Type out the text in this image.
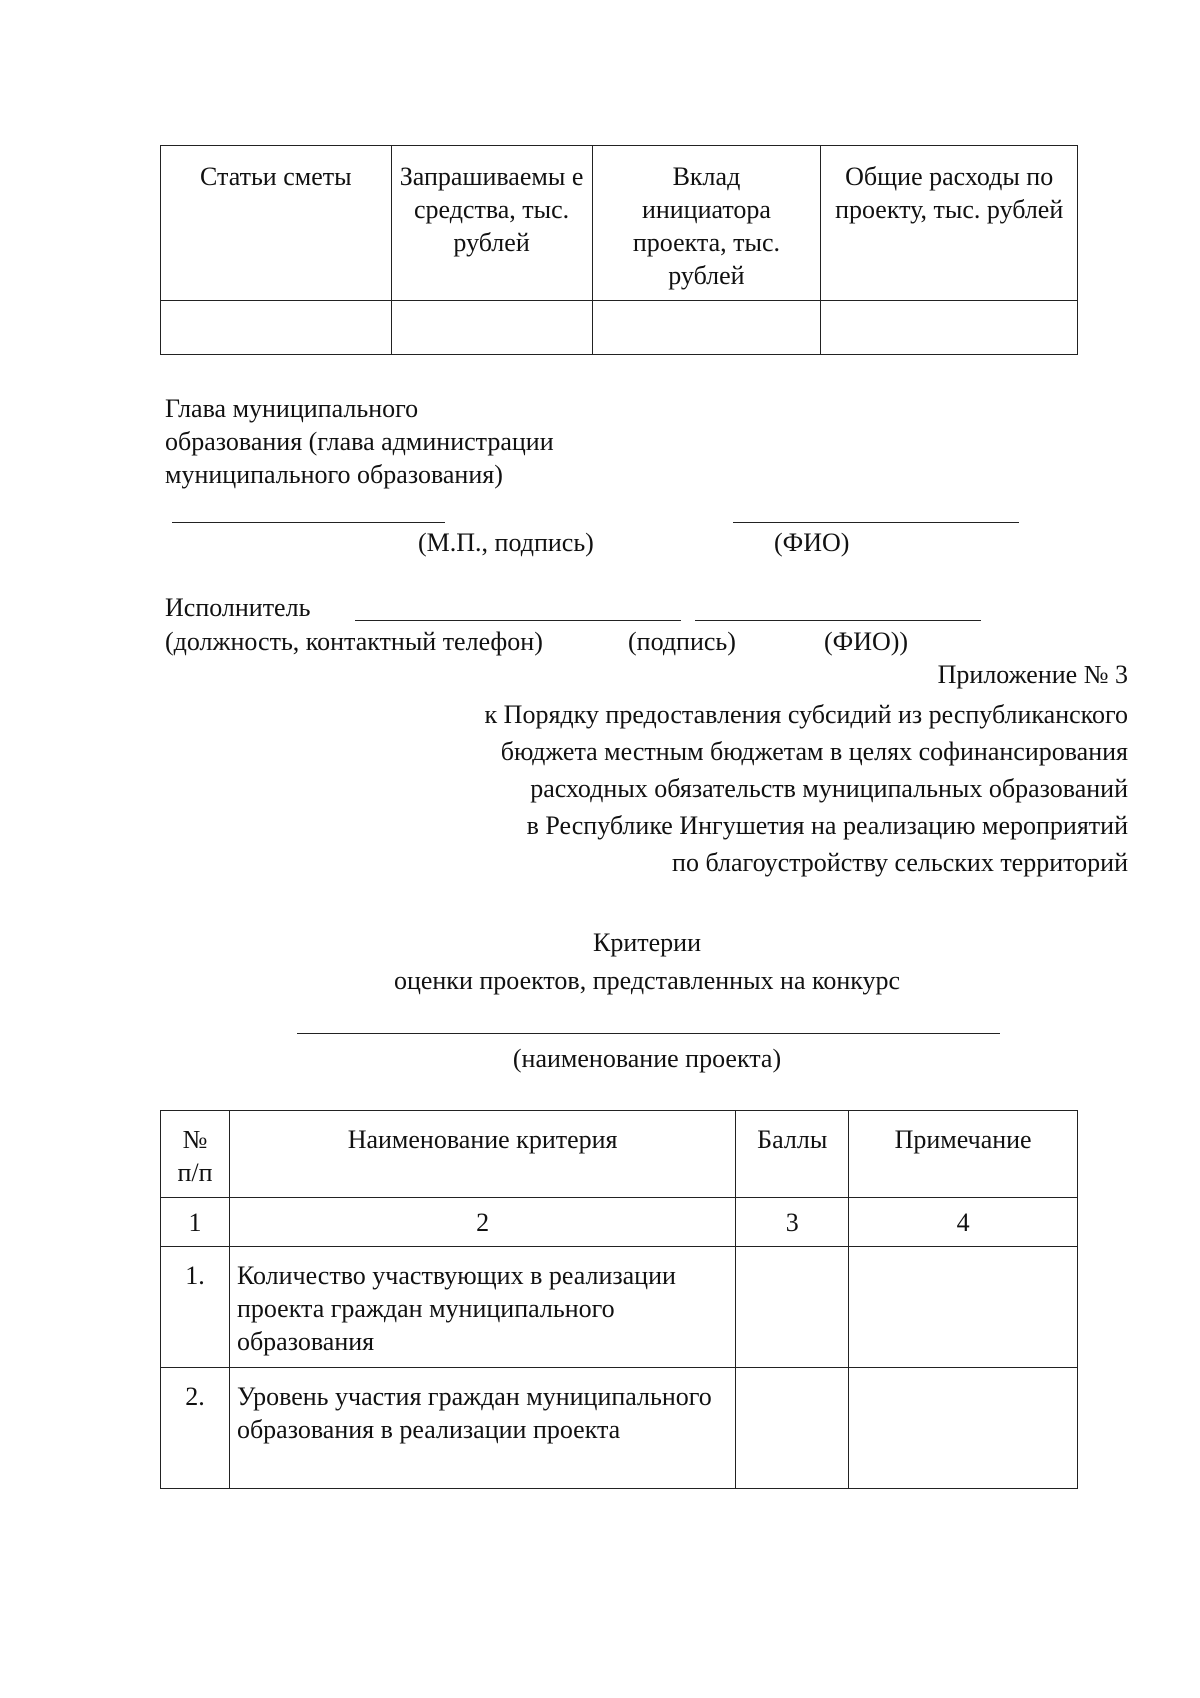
Статьи сметы	Запрашиваемы е средства, тыс. рублей	Вклад инициатора проекта, тыс. рублей	Общие расходы по проекту, тыс. рублей

Глава муниципального
образования (глава администрации
муниципального образования)
(М.П., подпись)	(ФИО)
Исполнитель
(должность, контактный телефон)	(подпись)	(ФИО))
Приложение № 3
к Порядку предоставления субсидий из республиканского
бюджета местным бюджетам в целях софинансирования
расходных обязательств муниципальных образований
в Республике Ингушетия на реализацию мероприятий
по благоустройству сельских территорий
Критерии
оценки проектов, представленных на конкурс
(наименование проекта)
№ п/п	Наименование критерия	Баллы	Примечание
1	2	3	4
1.	Количество участвующих в реализации проекта граждан муниципального образования		
2.	Уровень участия граждан муниципального образования в реализации проекта		
